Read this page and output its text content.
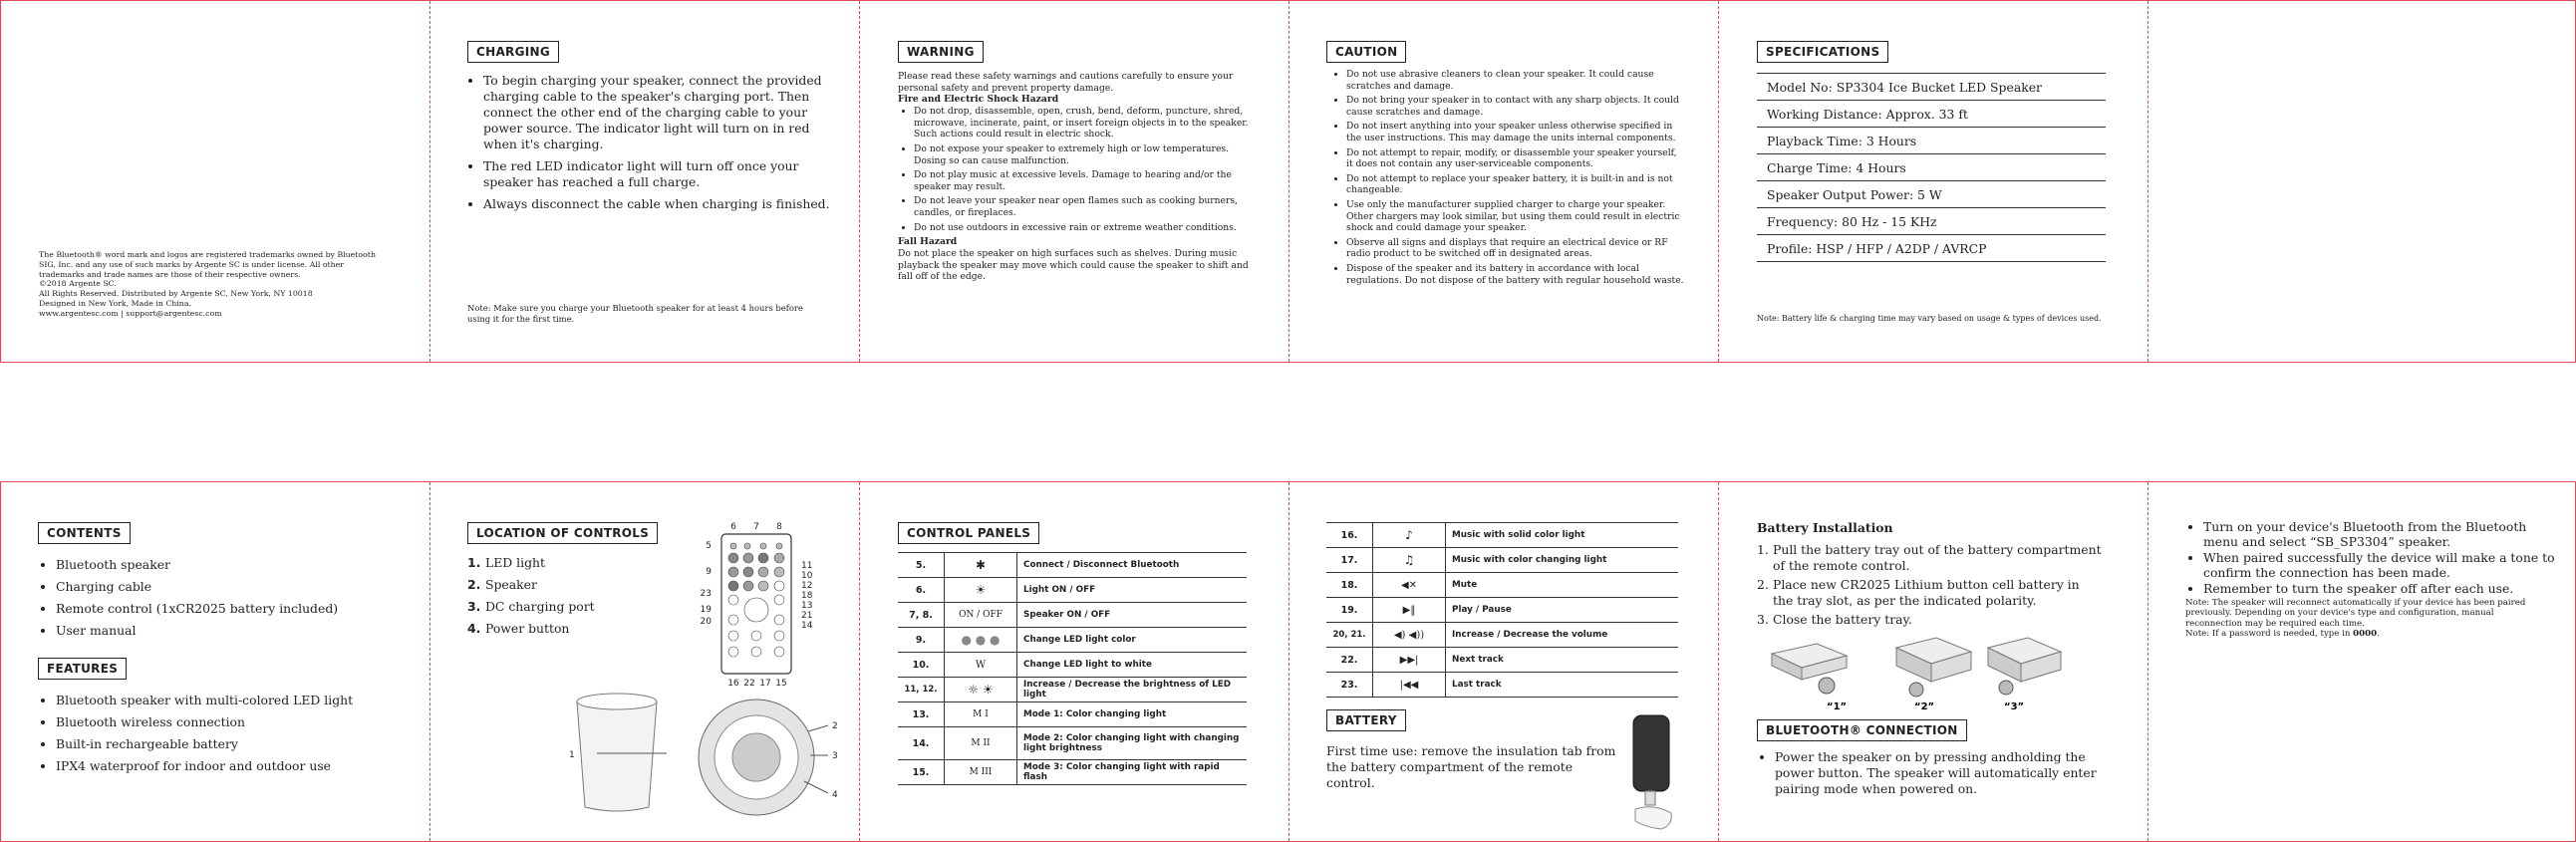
The Bluetooth® word mark and logos are registered trademarks owned by Bluetooth SIG, Inc. and any use of such marks by Argente SC is under license. All other trademarks and trade names are those of their respective owners.
©2018 Argente SC.
All Rights Reserved. Distributed by Argente SC, New York, NY 10018
Designed in New York, Made in China.
www.argentesc.com | support@argentesc.com
CHARGING
• To begin charging your speaker, connect the provided charging cable to the speaker's charging port. Then connect the other end of the charging cable to your power source. The indicator light will turn on in red when it's charging.
• The red LED indicator light will turn off once your speaker has reached a full charge.
• Always disconnect the cable when charging is finished.
Note: Make sure you charge your Bluetooth speaker for at least 4 hours before using it for the first time.
WARNING
Please read these safety warnings and cautions carefully to ensure your personal safety and prevent property damage.
Fire and Electric Shock Hazard
• Do not drop, disassemble, open, crush, bend, deform, puncture, shred, microwave, incinerate, paint, or insert foreign objects in to the speaker. Such actions could result in electric shock.
• Do not expose your speaker to extremely high or low temperatures. Dosing so can cause malfunction.
• Do not play music at excessive levels. Damage to hearing and/or the speaker may result.
• Do not leave your speaker near open flames such as cooking burners, candles, or fireplaces.
• Do not use outdoors in excessive rain or extreme weather conditions.
Fall Hazard
Do not place the speaker on high surfaces such as shelves. During music playback the speaker may move which could cause the speaker to shift and fall off of the edge.
CAUTION
• Do not use abrasive cleaners to clean your speaker. It could cause scratches and damage.
• Do not bring your speaker in to contact with any sharp objects. It could cause scratches and damage.
• Do not insert anything into your speaker unless otherwise specified in the user instructions. This may damage the units internal components.
• Do not attempt to repair, modify, or disassemble your speaker yourself, it does not contain any user-serviceable components.
• Do not attempt to replace your speaker battery, it is built-in and is not changeable.
• Use only the manufacturer supplied charger to charge your speaker. Other chargers may look similar, but using them could result in electric shock and could damage your speaker.
• Observe all signs and displays that require an electrical device or RF radio product to be switched off in designated areas.
• Dispose of the speaker and its battery in accordance with local regulations. Do not dispose of the battery with regular household waste.
SPECIFICATIONS
Model No: SP3304 Ice Bucket LED Speaker
Working Distance: Approx. 33 ft
Playback Time: 3 Hours
Charge Time: 4 Hours
Speaker Output Power: 5 W
Frequency: 80 Hz - 15 KHz
Profile: HSP / HFP / A2DP / AVRCP
Note: Battery life & charging time may vary based on usage & types of devices used.
CONTENTS
• Bluetooth speaker
• Charging cable
• Remote control (1xCR2025 battery included)
• User manual
FEATURES
• Bluetooth speaker with multi-colored LED light
• Bluetooth wireless connection
• Built-in rechargeable battery
• IPX4 waterproof for indoor and outdoor use
LOCATION OF CONTROLS
1. LED light
2. Speaker
3. DC charging port
4. Power button
6 7 8
5
9
23
19
20
11
10
12
18
13
21
14
16 22 17 15
1
2
3
4
CONTROL PANELS
5.	✱	Connect / Disconnect Bluetooth
6.	☀	Light ON / OFF
7, 8.	ON / OFF	Speaker ON / OFF
9.	● ● ●	Change LED light color
10.	W	Change LED light to white
11, 12.	☼ ☀	Increase / Decrease the brightness of LED light
13.	M I	Mode 1: Color changing light
14.	M II	Mode 2: Color changing light with changing light brightness
15.	M III	Mode 3: Color changing light with rapid flash
16.	♪	Music with solid color light
17.	♫	Music with color changing light
18.	◀✕	Mute
19.	▶‖	Play / Pause
20, 21.	◀) ◀))	Increase / Decrease the volume
22.	▶▶|	Next track
23.	|◀◀	Last track
BATTERY
First time use: remove the insulation tab from the battery compartment of the remote control.
Battery Installation
1. Pull the battery tray out of the battery compartment of the remote control.
2. Place new CR2025 Lithium button cell battery in the tray slot, as per the indicated polarity.
3. Close the battery tray.
“1”	“2”	“3”
BLUETOOTH® CONNECTION
• Power the speaker on by pressing andholding the power button. The speaker will automatically enter pairing mode when powered on.
• Turn on your device's Bluetooth from the Bluetooth menu and select “SB_SP3304” speaker.
• When paired successfully the device will make a tone to confirm the connection has been made.
• Remember to turn the speaker off after each use.
Note: The speaker will reconnect automatically if your device has been paired previously. Depending on your device's type and configuration, manual reconnection may be required each time.
Note: If a password is needed, type in 0000.
